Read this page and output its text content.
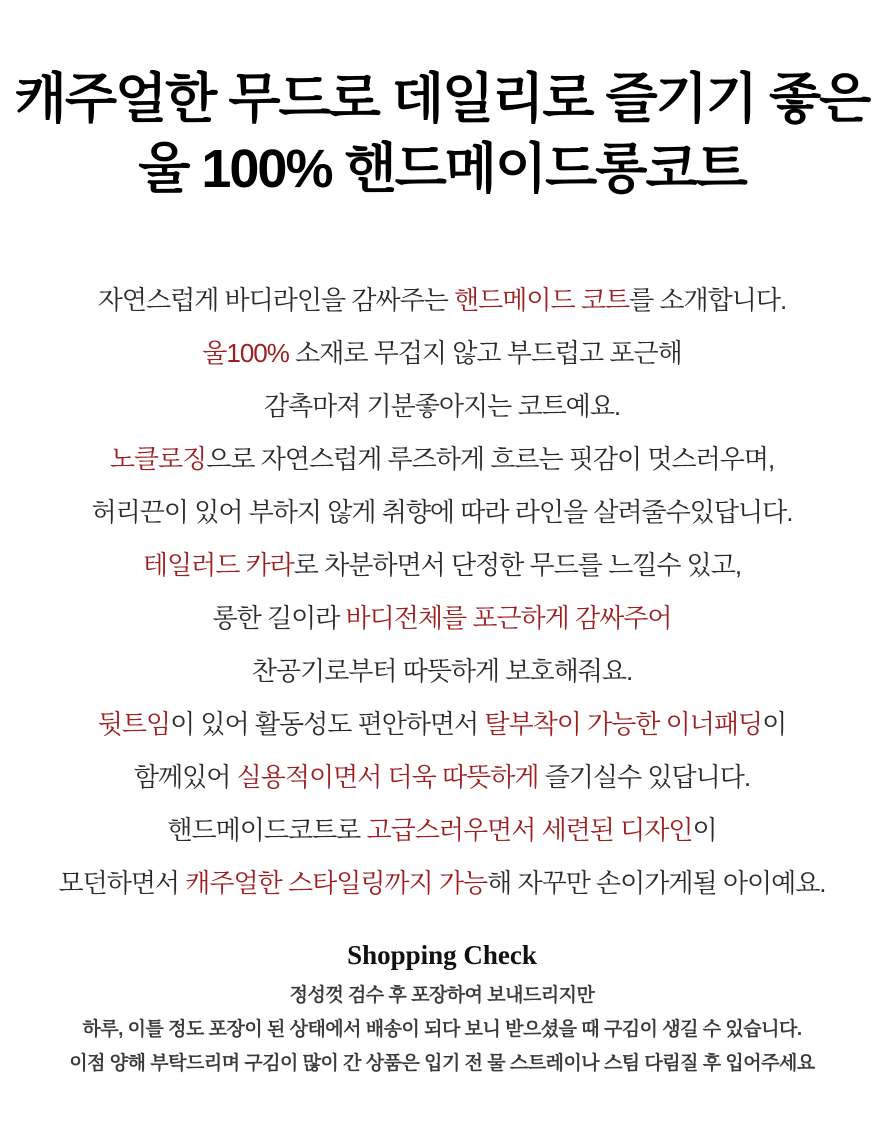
캐주얼한 무드로 데일리로 즐기기 좋은
울 100% 핸드메이드롱코트
자연스럽게 바디라인을 감싸주는 핸드메이드 코트를 소개합니다.
울100% 소재로 무겁지 않고 부드럽고 포근해
감촉마져 기분좋아지는 코트예요.
노클로징으로 자연스럽게 루즈하게 흐르는 핏감이 멋스러우며,
허리끈이 있어 부하지 않게 취향에 따라 라인을 살려줄수있답니다.
테일러드 카라로 차분하면서 단정한 무드를 느낄수 있고,
롱한 길이라 바디전체를 포근하게 감싸주어
찬공기로부터 따뜻하게 보호해줘요.
뒷트임이 있어 활동성도 편안하면서 탈부착이 가능한 이너패딩이
함께있어 실용적이면서 더욱 따뜻하게 즐기실수 있답니다.
핸드메이드코트로 고급스러우면서 세련된 디자인이
모던하면서 캐주얼한 스타일링까지 가능해 자꾸만 손이가게될 아이예요.
Shopping Check
정성껏 검수 후 포장하여 보내드리지만
하루, 이틀 정도 포장이 된 상태에서 배송이 되다 보니 받으셨을 때 구김이 생길 수 있습니다.
이점 양해 부탁드리며 구김이 많이 간 상품은 입기 전 물 스트레이나 스팀 다림질 후 입어주세요
